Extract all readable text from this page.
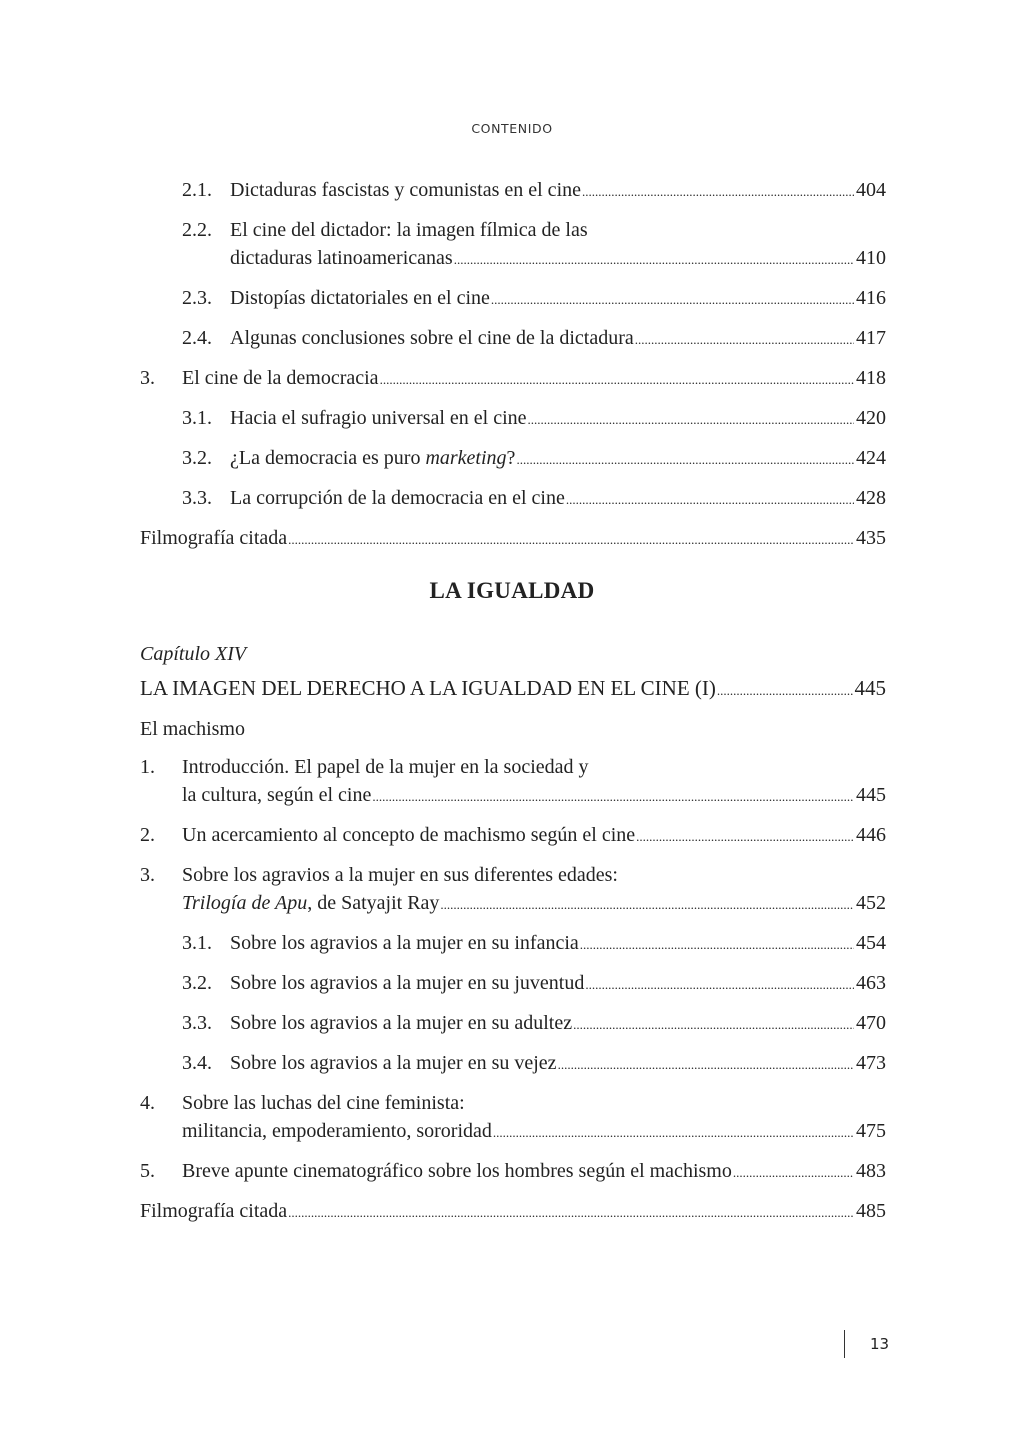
CONTENIDO
2.1. Dictaduras fascistas y comunistas en el cine .....	404
2.2. El cine del dictador: la imagen fílmica de las
dictaduras latinoamericanas .....	410
2.3. Distopías dictatoriales en el cine .....	416
2.4. Algunas conclusiones sobre el cine de la dictadura .....	417
3.	El cine de la democracia .....	418
3.1. Hacia el sufragio universal en el cine .....	420
3.2. ¿La democracia es puro marketing? .....	424
3.3. La corrupción de la democracia en el cine .....	428
Filmografía citada .....	435
LA IGUALDAD
Capítulo XIV
LA IMAGEN DEL DERECHO A LA IGUALDAD EN EL CINE (I) .....	445
El machismo
1.	Introducción. El papel de la mujer en la sociedad y
la cultura, según el cine .....	445
2.	Un acercamiento al concepto de machismo según el cine .....	446
3.	Sobre los agravios a la mujer en sus diferentes edades:
Trilogía de Apu, de Satyajit Ray .....	452
3.1. Sobre los agravios a la mujer en su infancia .....	454
3.2. Sobre los agravios a la mujer en su juventud .....	463
3.3. Sobre los agravios a la mujer en su adultez .....	470
3.4. Sobre los agravios a la mujer en su vejez .....	473
4.	Sobre las luchas del cine feminista:
militancia, empoderamiento, sororidad .....	475
5.	Breve apunte cinematográfico sobre los hombres según el machismo .....	483
Filmografía citada .....	485
13
